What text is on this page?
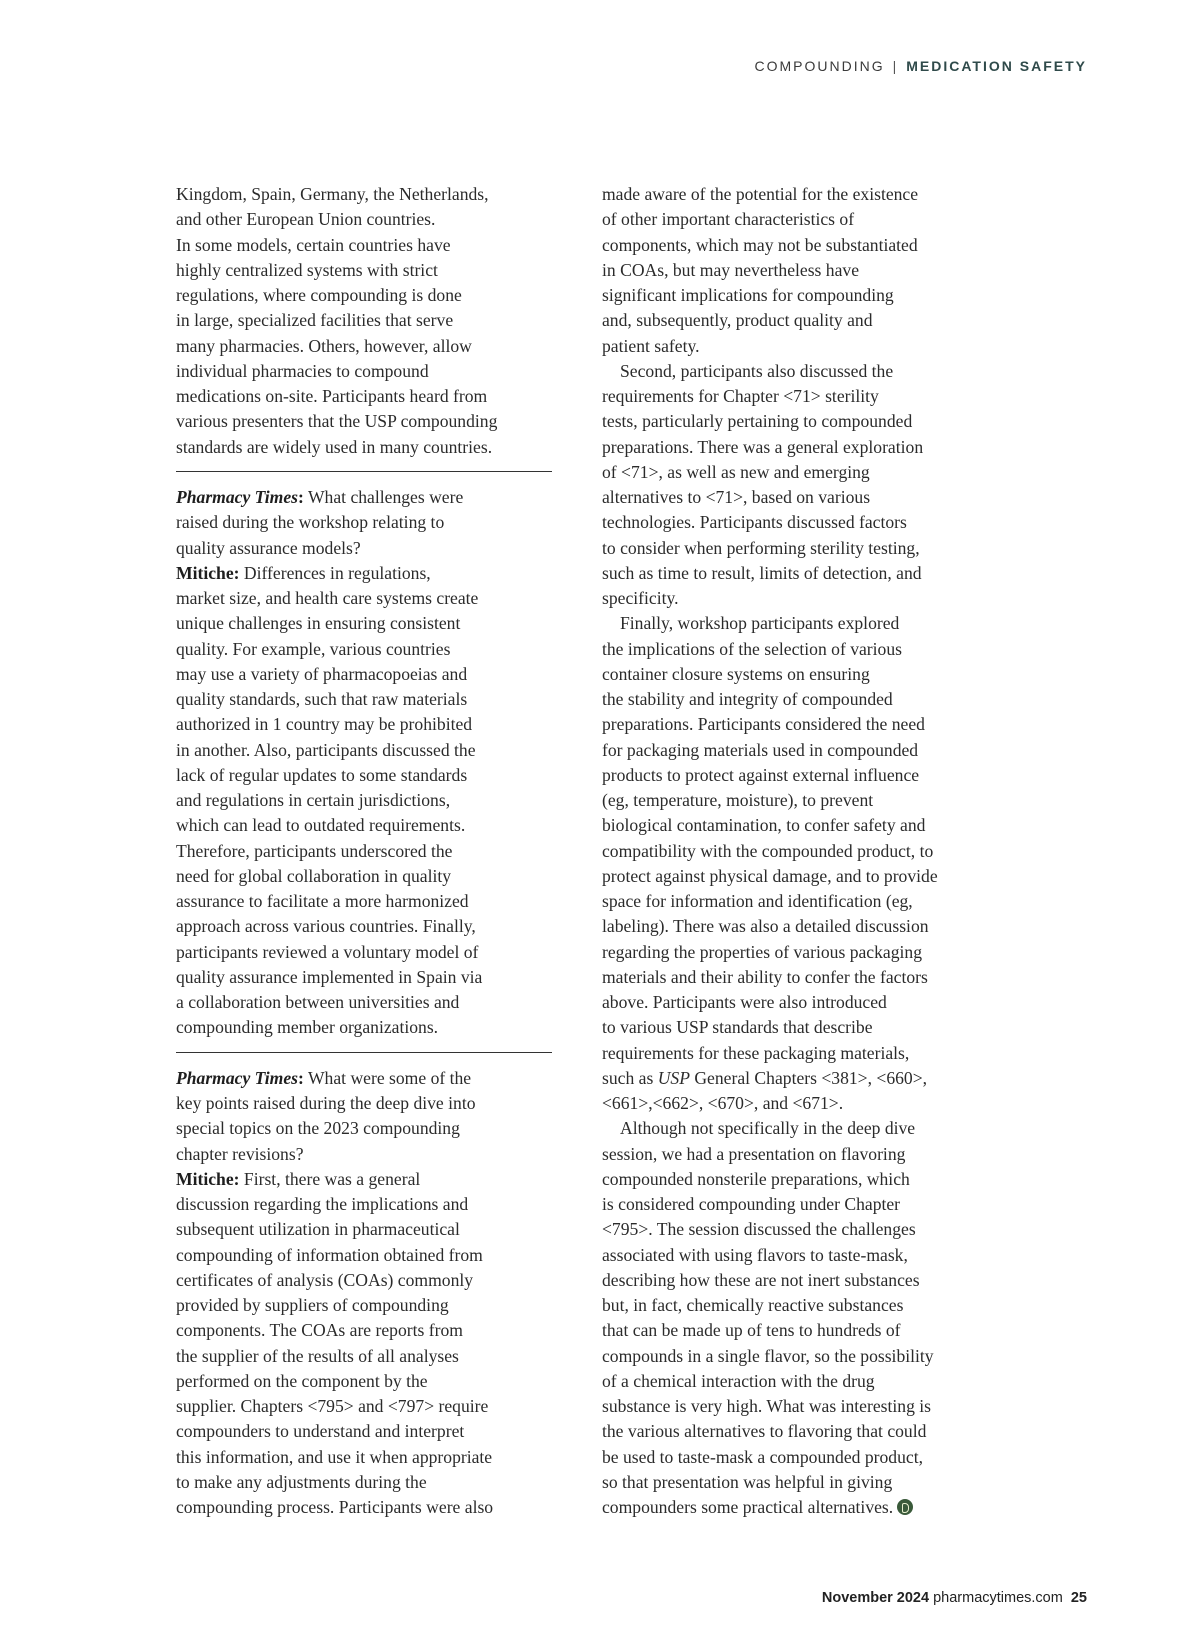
COMPOUNDING | MEDICATION SAFETY
Kingdom, Spain, Germany, the Netherlands,
and other European Union countries.
In some models, certain countries have
highly centralized systems with strict
regulations, where compounding is done
in large, specialized facilities that serve
many pharmacies. Others, however, allow
individual pharmacies to compound
medications on-site. Participants heard from
various presenters that the USP compounding
standards are widely used in many countries.
Pharmacy Times: What challenges were
raised during the workshop relating to
quality assurance models?
Mitiche: Differences in regulations,
market size, and health care systems create
unique challenges in ensuring consistent
quality. For example, various countries
may use a variety of pharmacopoeias and
quality standards, such that raw materials
authorized in 1 country may be prohibited
in another. Also, participants discussed the
lack of regular updates to some standards
and regulations in certain jurisdictions,
which can lead to outdated requirements.
Therefore, participants underscored the
need for global collaboration in quality
assurance to facilitate a more harmonized
approach across various countries. Finally,
participants reviewed a voluntary model of
quality assurance implemented in Spain via
a collaboration between universities and
compounding member organizations.
Pharmacy Times: What were some of the
key points raised during the deep dive into
special topics on the 2023 compounding
chapter revisions?
Mitiche: First, there was a general
discussion regarding the implications and
subsequent utilization in pharmaceutical
compounding of information obtained from
certificates of analysis (COAs) commonly
provided by suppliers of compounding
components. The COAs are reports from
the supplier of the results of all analyses
performed on the component by the
supplier. Chapters <795> and <797> require
compounders to understand and interpret
this information, and use it when appropriate
to make any adjustments during the
compounding process. Participants were also
made aware of the potential for the existence
of other important characteristics of
components, which may not be substantiated
in COAs, but may nevertheless have
significant implications for compounding
and, subsequently, product quality and
patient safety.
Second, participants also discussed the
requirements for Chapter <71> sterility
tests, particularly pertaining to compounded
preparations. There was a general exploration
of <71>, as well as new and emerging
alternatives to <71>, based on various
technologies. Participants discussed factors
to consider when performing sterility testing,
such as time to result, limits of detection, and
specificity.
Finally, workshop participants explored
the implications of the selection of various
container closure systems on ensuring
the stability and integrity of compounded
preparations. Participants considered the need
for packaging materials used in compounded
products to protect against external influence
(eg, temperature, moisture), to prevent
biological contamination, to confer safety and
compatibility with the compounded product, to
protect against physical damage, and to provide
space for information and identification (eg,
labeling). There was also a detailed discussion
regarding the properties of various packaging
materials and their ability to confer the factors
above. Participants were also introduced
to various USP standards that describe
requirements for these packaging materials,
such as USP General Chapters <381>, <660>,
<661>,<662>, <670>, and <671>.
Although not specifically in the deep dive
session, we had a presentation on flavoring
compounded nonsterile preparations, which
is considered compounding under Chapter
<795>. The session discussed the challenges
associated with using flavors to taste-mask,
describing how these are not inert substances
but, in fact, chemically reactive substances
that can be made up of tens to hundreds of
compounds in a single flavor, so the possibility
of a chemical interaction with the drug
substance is very high. What was interesting is
the various alternatives to flavoring that could
be used to taste-mask a compounded product,
so that presentation was helpful in giving
compounders some practical alternatives.
November 2024 pharmacytimes.com 25
